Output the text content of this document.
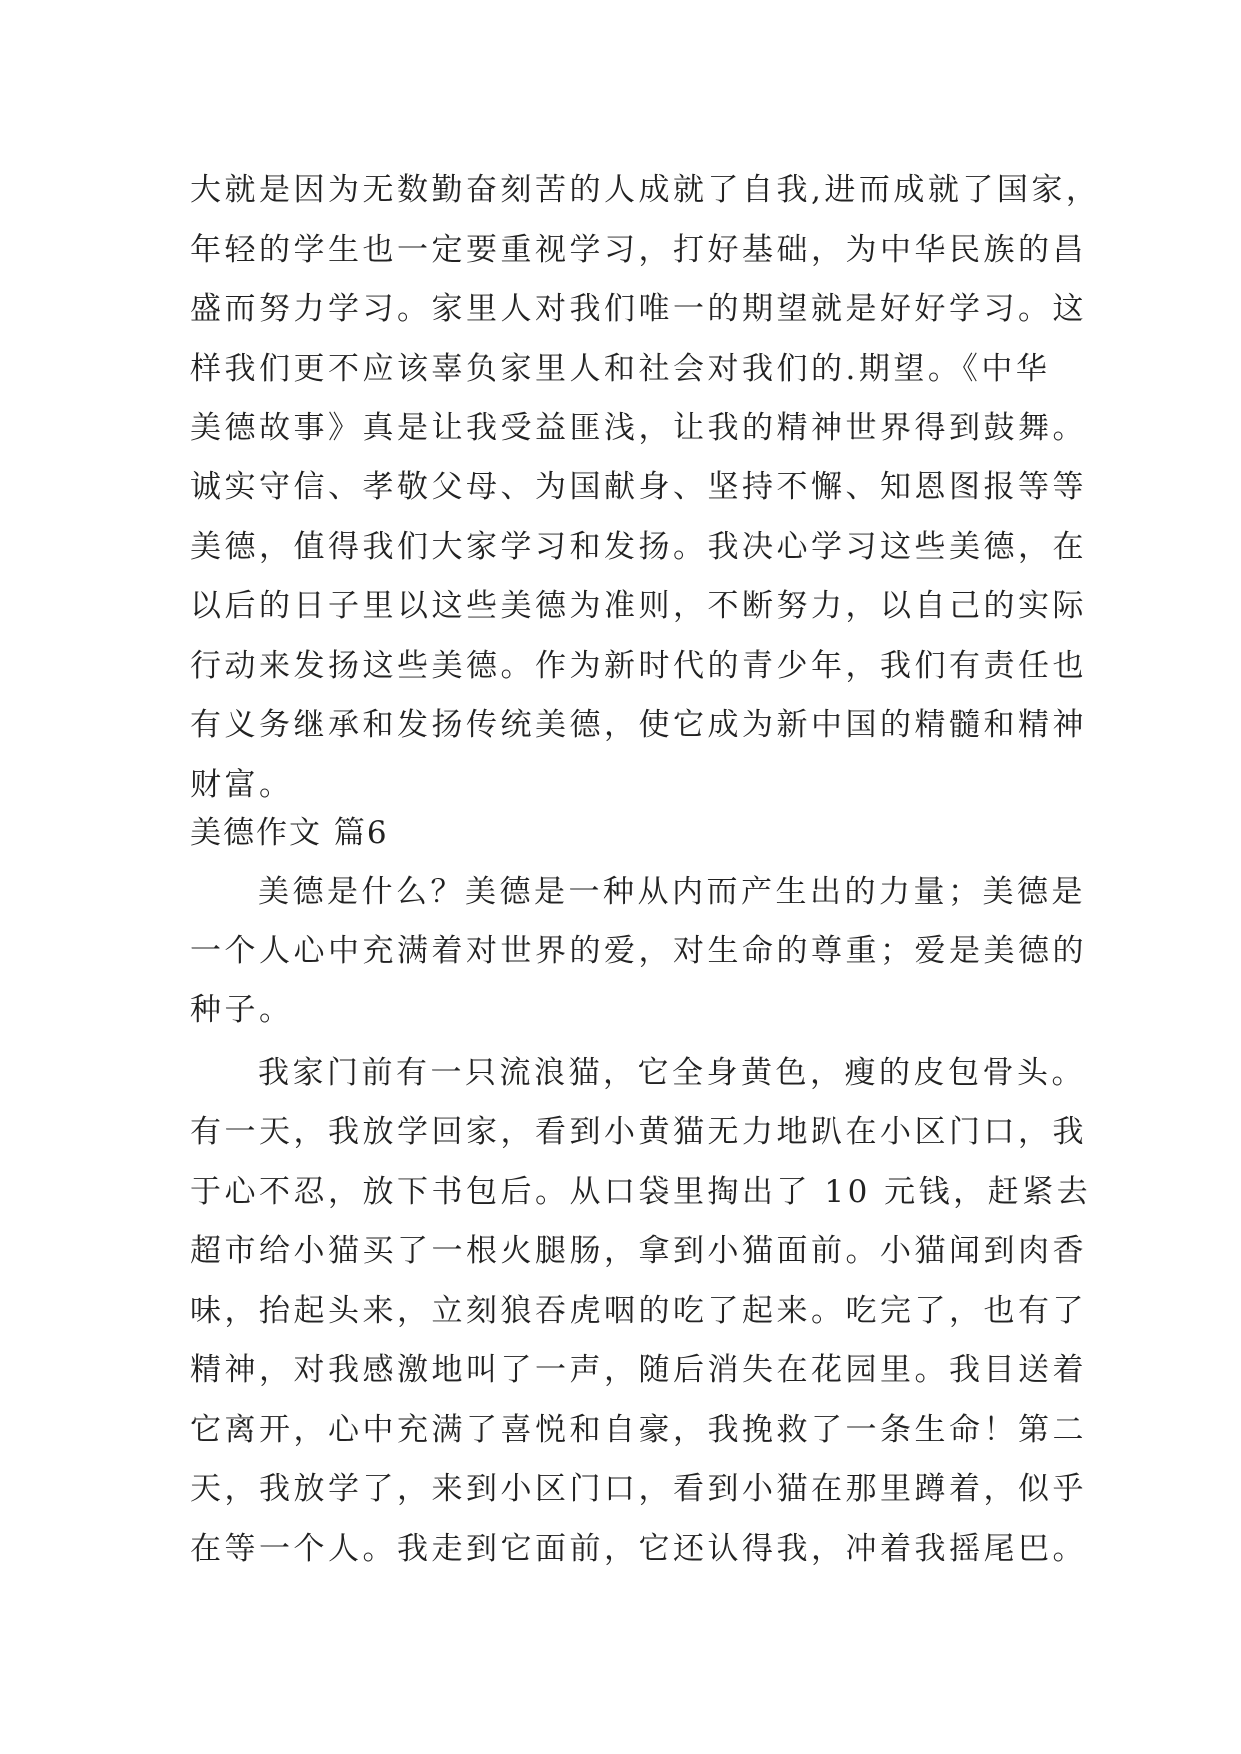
大就是因为无数勤奋刻苦的人成就了自我,进而成就了国家，
年轻的学生也一定要重视学习，打好基础，为中华民族的昌
盛而努力学习。家里人对我们唯一的期望就是好好学习。这
样我们更不应该辜负家里人和社会对我们的.期望。《中华
美德故事》真是让我受益匪浅，让我的精神世界得到鼓舞。
诚实守信、孝敬父母、为国献身、坚持不懈、知恩图报等等
美德，值得我们大家学习和发扬。我决心学习这些美德，在
以后的日子里以这些美德为准则，不断努力，以自己的实际
行动来发扬这些美德。作为新时代的青少年，我们有责任也
有义务继承和发扬传统美德，使它成为新中国的精髓和精神
财富。
美德作文 篇6
美德是什么？美德是一种从内而产生出的力量；美德是
一个人心中充满着对世界的爱，对生命的尊重；爱是美德的
种子。
我家门前有一只流浪猫，它全身黄色，瘦的皮包骨头。
有一天，我放学回家，看到小黄猫无力地趴在小区门口，我
于心不忍，放下书包后。从口袋里掏出了 10 元钱，赶紧去
超市给小猫买了一根火腿肠，拿到小猫面前。小猫闻到肉香
味，抬起头来，立刻狼吞虎咽的吃了起来。吃完了，也有了
精神，对我感激地叫了一声，随后消失在花园里。我目送着
它离开，心中充满了喜悦和自豪，我挽救了一条生命！第二
天，我放学了，来到小区门口，看到小猫在那里蹲着，似乎
在等一个人。我走到它面前，它还认得我，冲着我摇尾巴。
